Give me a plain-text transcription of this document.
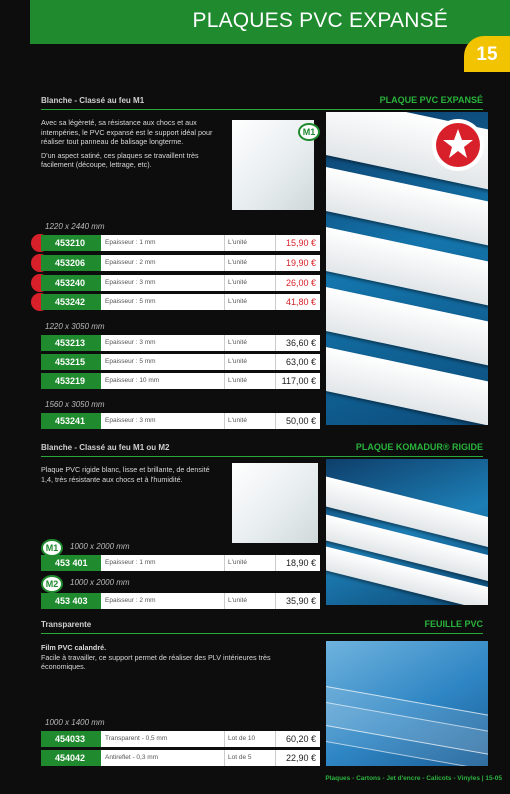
PLAQUES PVC EXPANSÉ
15
Blanche - Classé au feu M1	PLAQUE PVC EXPANSÉ

Avec sa légèreté, sa résistance aux chocs et aux intempéries, le PVC expansé est le support idéal pour réaliser tout panneau de balisage longterme.

D'un aspect satiné, ces plaques se travaillent très facilement (découpe, lettrage, etc).

M1
1220 x 2440 mm
453210	Epaisseur : 1 mm	L'unité	15,90 €
453206	Epaisseur : 2 mm	L'unité	19,90 €
453240	Epaisseur : 3 mm	L'unité	26,00 €
453242	Epaisseur : 5 mm	L'unité	41,80 €
1220 x 3050 mm
453213	Epaisseur : 3 mm	L'unité	36,60 €
453215	Epaisseur : 5 mm	L'unité	63,00 €
453219	Epaisseur : 10 mm	L'unité	117,00 €
1560 x 3050 mm
453241	Epaisseur : 3 mm	L'unité	50,00 €
Blanche - Classé au feu M1 ou M2	PLAQUE KOMADUR® RIGIDE

Plaque PVC rigide blanc, lisse et brillante, de densité 1,4, très résistante aux chocs et à l'humidité.

M1	1000 x 2000 mm
453 401	Epaisseur : 1 mm	L'unité	18,90 €
M2	1000 x 2000 mm
453 403	Epaisseur : 2 mm	L'unité	35,90 €
Transparente	FEUILLE PVC
Film PVC calandré.
Facile à travailler, ce support permet de réaliser des PLV intérieures très économiques.
1000 x 1400 mm
454033	Transparent - 0,5 mm	Lot de 10	60,20 €
454042	Antireflet - 0,3 mm	Lot de 5	22,90 €
Plaques - Cartons - Jet d'encre - Calicots - Vinyles | 15-05
